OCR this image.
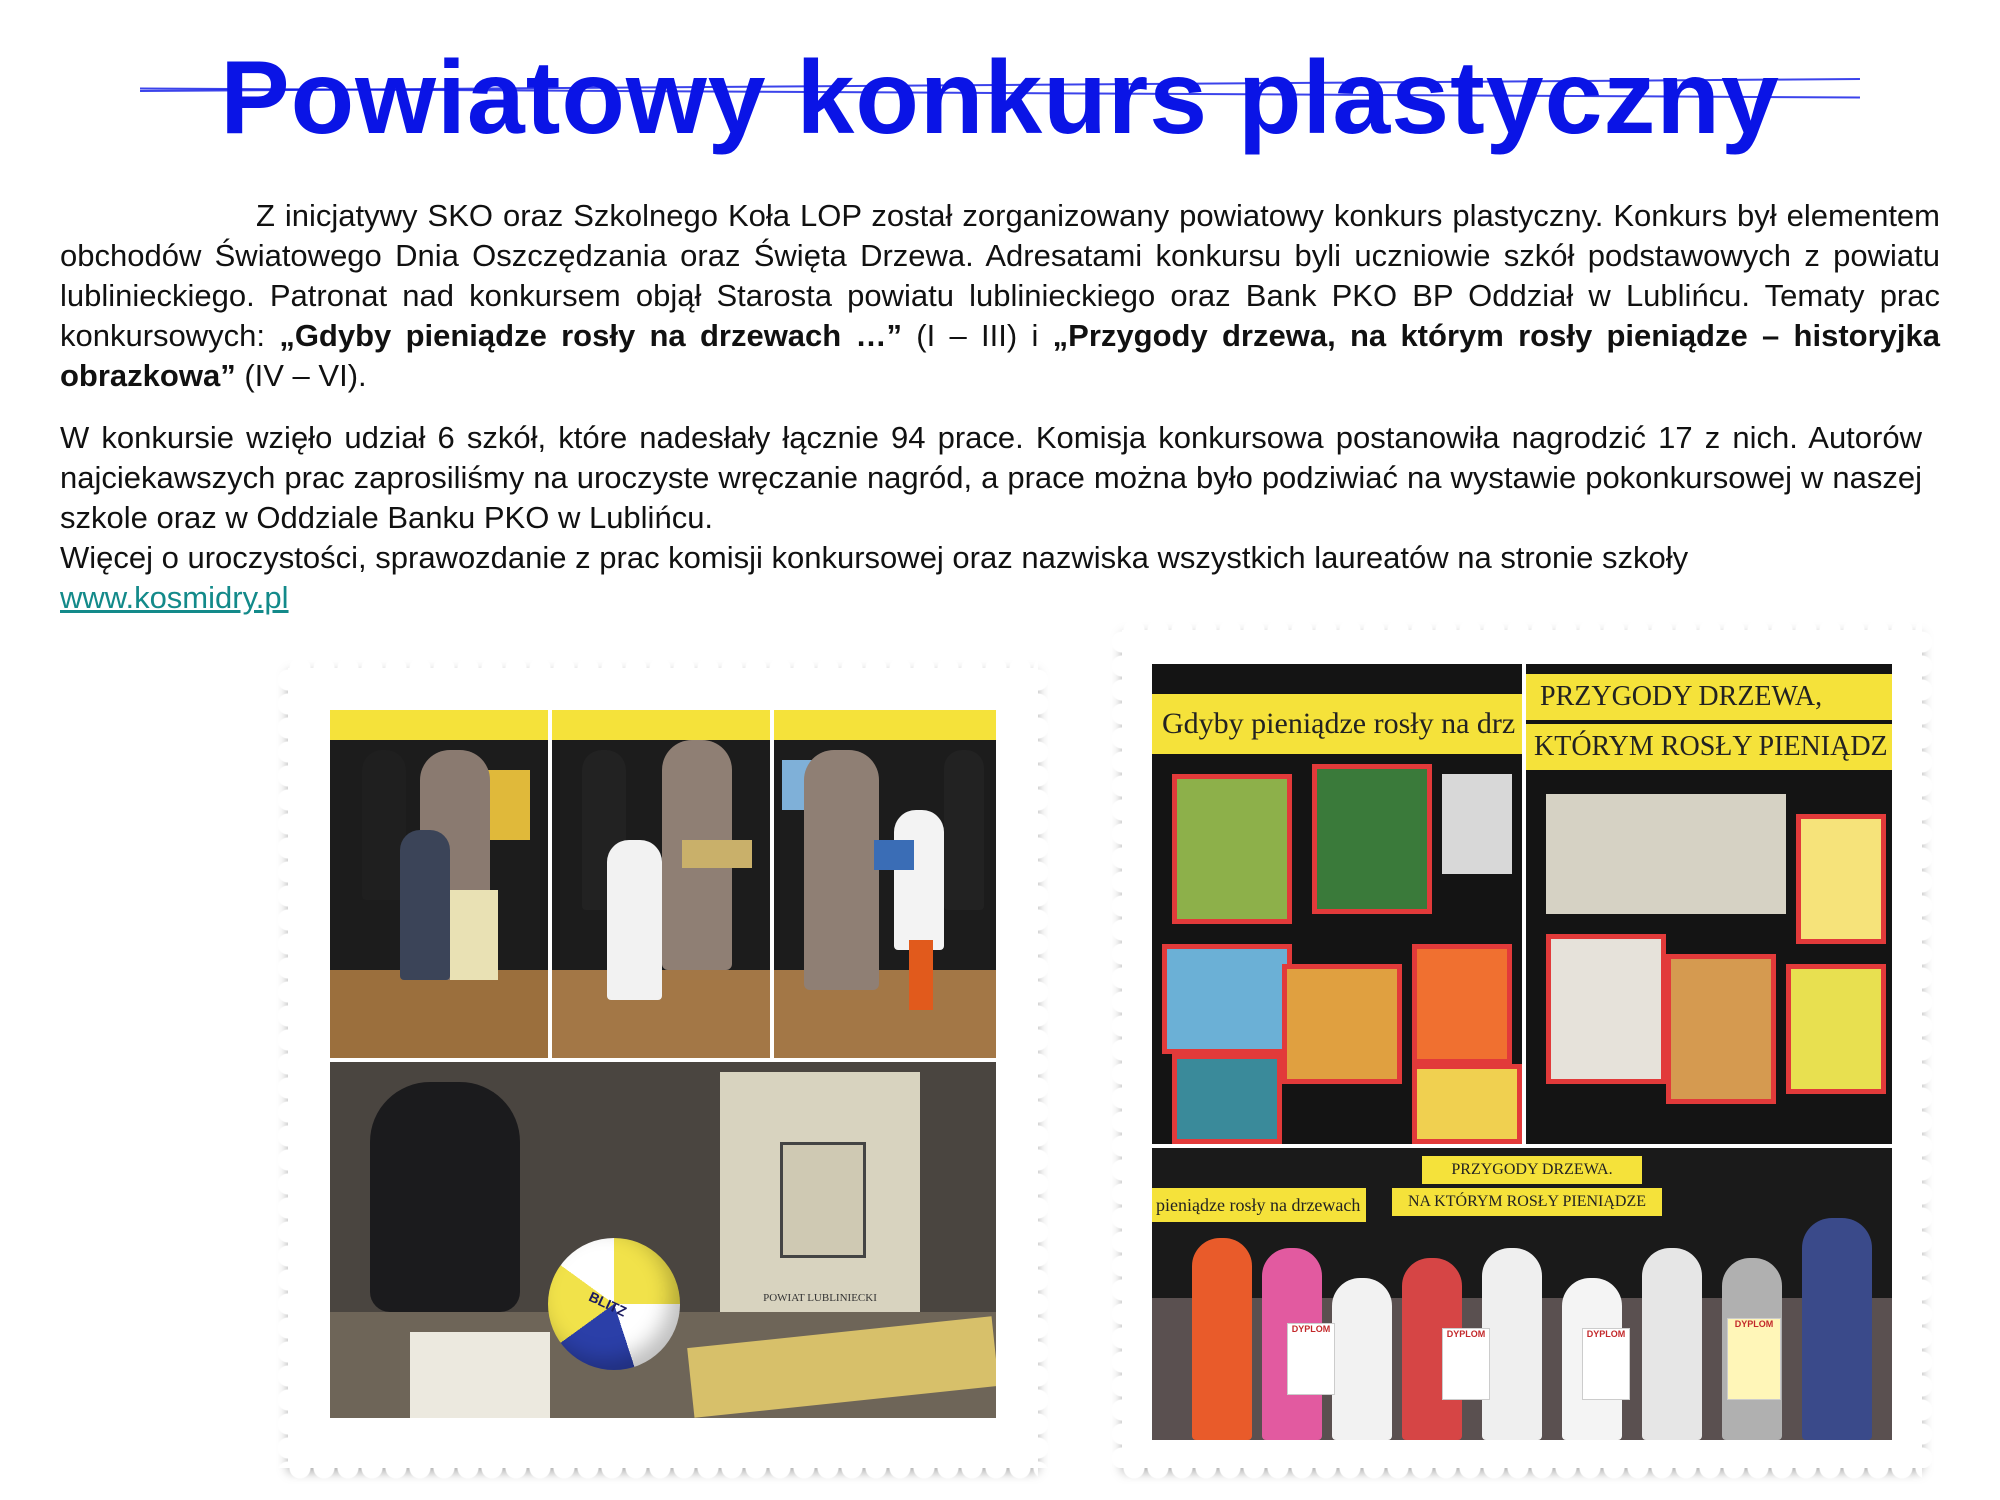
Powiatowy konkurs plastyczny

Z inicjatywy SKO oraz Szkolnego Koła LOP został zorganizowany powiatowy konkurs plastyczny. Konkurs był elementem obchodów Światowego Dnia Oszczędzania oraz Święta Drzewa. Adresatami konkursu byli uczniowie szkół podstawowych z powiatu lublinieckiego. Patronat nad konkursem objął Starosta powiatu lublinieckiego oraz Bank PKO BP Oddział w Lublińcu. Tematy prac konkursowych: „Gdyby pieniądze rosły na drzewach …” (I – III) i „Przygody drzewa, na którym rosły pieniądze – historyjka obrazkowa” (IV – VI).

W konkursie wzięło udział 6 szkół, które nadesłały łącznie 94 prace. Komisja konkursowa postanowiła nagrodzić 17 z nich. Autorów najciekawszych prac zaprosiliśmy na uroczyste wręczanie nagród, a prace można było podziwiać na wystawie pokonkursowej w naszej szkole oraz w Oddziale Banku PKO w Lublińcu.

Więcej o uroczystości, sprawozdanie z prac komisji konkursowej oraz nazwiska wszystkich laureatów na stronie szkoły
www.kosmidry.pl

POWIAT LUBLINIECKI
BLITZ
Gdyby pieniądze rosły na drz
PRZYGODY DRZEWA,
KTÓRYM ROSŁY PIENIĄDZ
pieniądze rosły na drzewach
PRZYGODY DRZEWA.
NA KTÓRYM ROSŁY PIENIĄDZE
DYPLOM	DYPLOM	DYPLOM
DYPLOM
